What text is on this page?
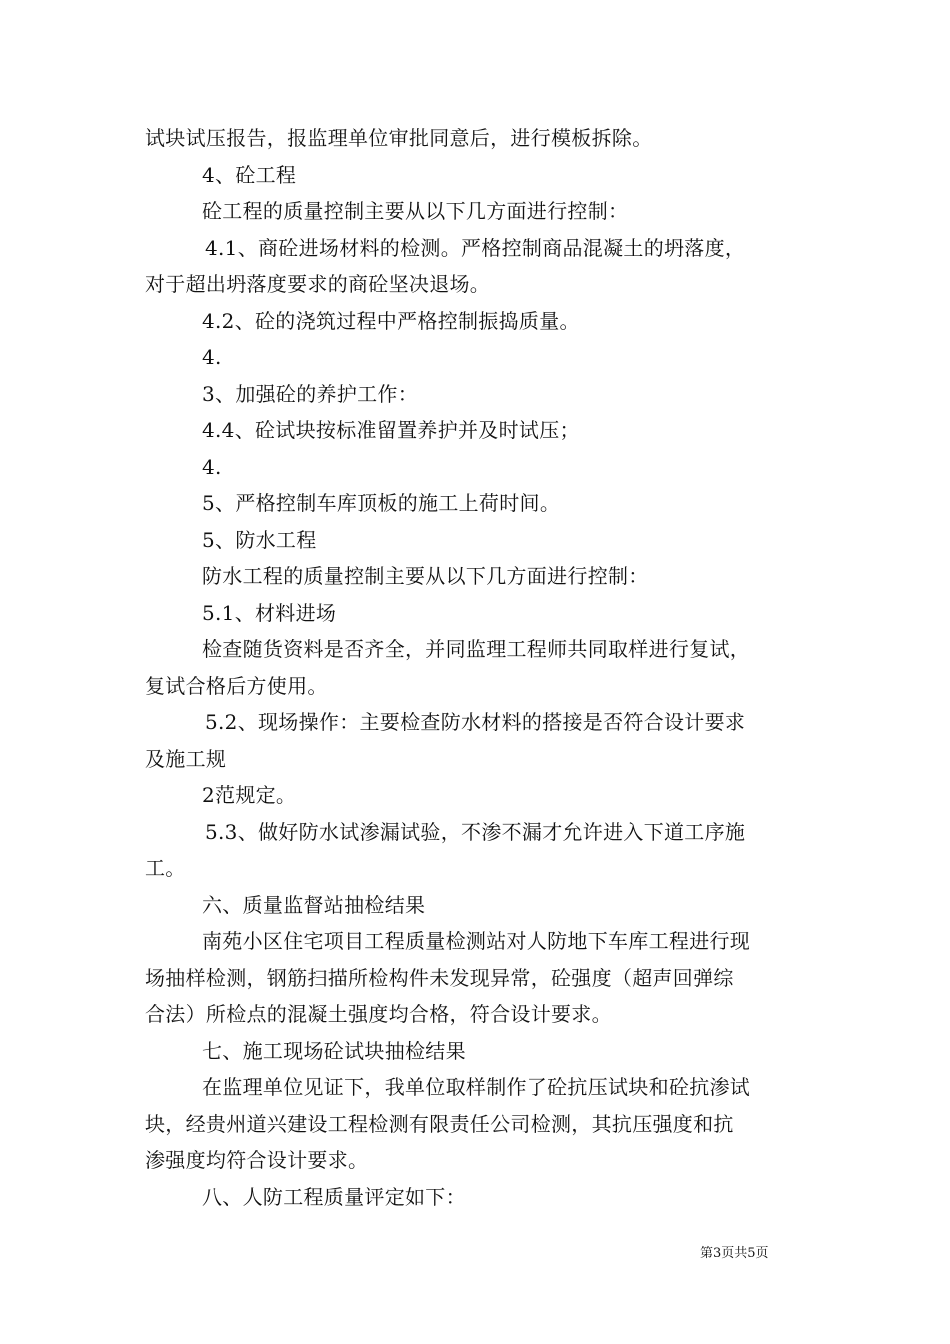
试块试压报告，报监理单位审批同意后，进行模板拆除。
4、砼工程
砼工程的质量控制主要从以下几方面进行控制：
4.1、商砼进场材料的检测。严格控制商品混凝土的坍落度，
对于超出坍落度要求的商砼坚决退场。
4.2、砼的浇筑过程中严格控制振捣质量。
4.
3、加强砼的养护工作：
4.4、砼试块按标准留置养护并及时试压；
4.
5、严格控制车库顶板的施工上荷时间。
5、防水工程
防水工程的质量控制主要从以下几方面进行控制：
5.1、材料进场
检查随货资料是否齐全，并同监理工程师共同取样进行复试，
复试合格后方使用。
5.2、现场操作：主要检查防水材料的搭接是否符合设计要求
及施工规
2范规定。
5.3、做好防水试渗漏试验，不渗不漏才允许进入下道工序施
工。
六、质量监督站抽检结果
南苑小区住宅项目工程质量检测站对人防地下车库工程进行现
场抽样检测，钢筋扫描所检构件未发现异常，砼强度（超声回弹综
合法）所检点的混凝土强度均合格，符合设计要求。
七、施工现场砼试块抽检结果
在监理单位见证下，我单位取样制作了砼抗压试块和砼抗渗试
块，经贵州道兴建设工程检测有限责任公司检测，其抗压强度和抗
渗强度均符合设计要求。
八、人防工程质量评定如下：
第3页共5页
